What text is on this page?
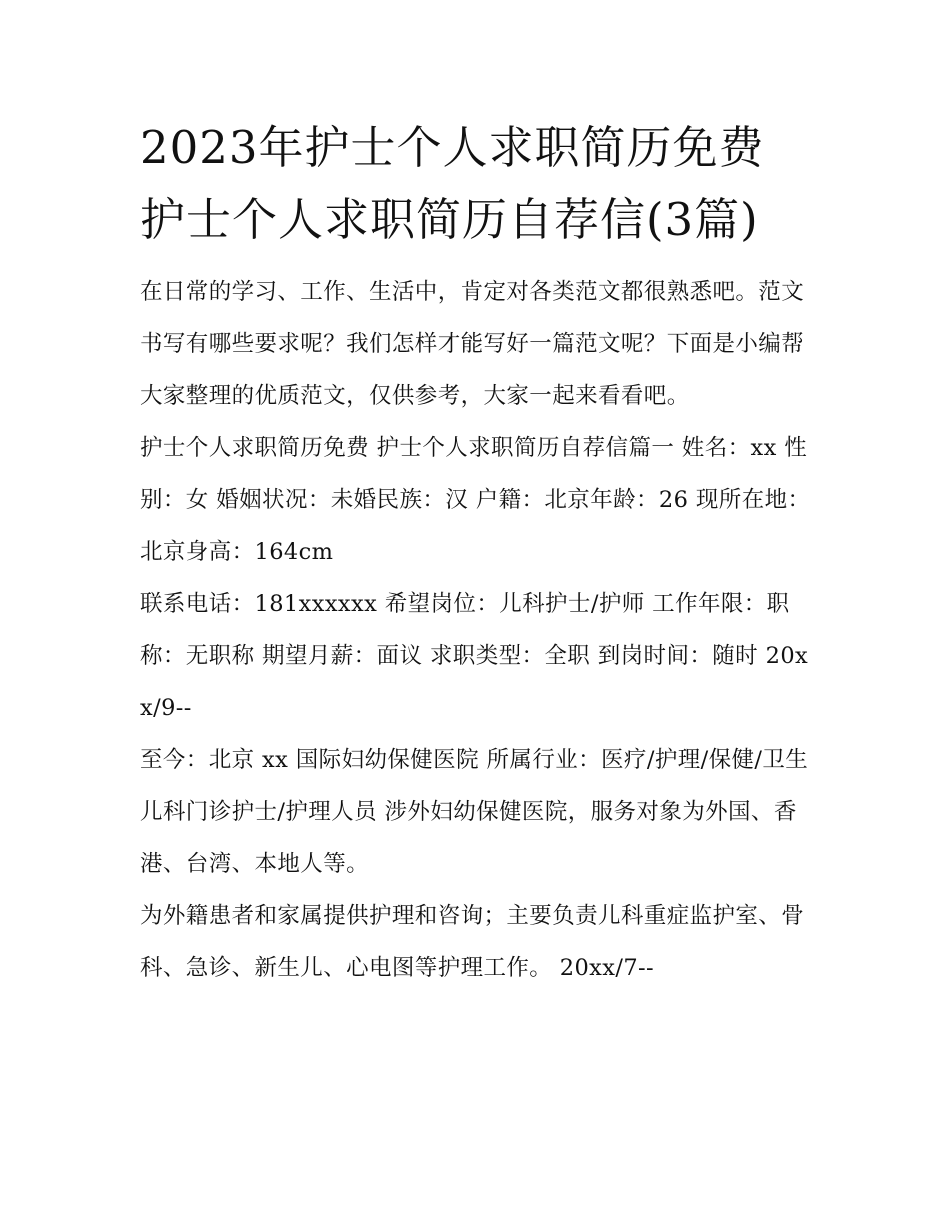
2023年护士个人求职简历免费 护士个人求职简历自荐信(3篇)

在日常的学习、工作、生活中，肯定对各类范文都很熟悉吧。范文书写有哪些要求呢？我们怎样才能写好一篇范文呢？下面是小编帮大家整理的优质范文，仅供参考，大家一起来看看吧。

护士个人求职简历免费 护士个人求职简历自荐信篇一 姓名：xx 性别：女 婚姻状况：未婚民族：汉 户籍：北京年龄：26 现所在地：北京身高：164cm

联系电话：181xxxxxx 希望岗位：儿科护士/护师 工作年限：职称：无职称 期望月薪：面议 求职类型：全职 到岗时间：随时 20xx/9--

至今：北京 xx 国际妇幼保健医院 所属行业：医疗/护理/保健/卫生 儿科门诊护士/护理人员 涉外妇幼保健医院，服务对象为外国、香港、台湾、本地人等。

为外籍患者和家属提供护理和咨询；主要负责儿科重症监护室、骨科、急诊、新生儿、心电图等护理工作。 20xx/7--
